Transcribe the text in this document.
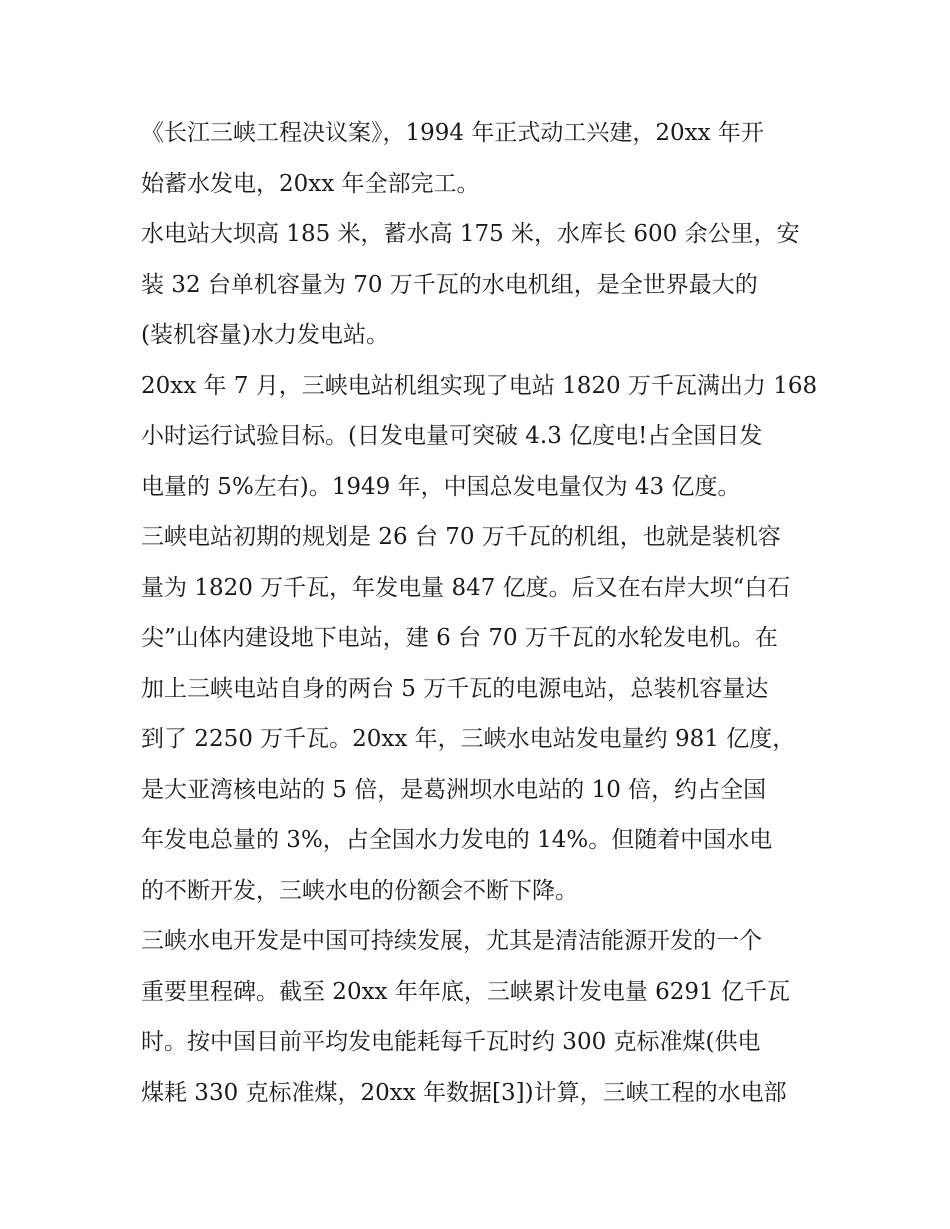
《长江三峡工程决议案》，1994 年正式动工兴建，20xx 年开
始蓄水发电，20xx 年全部完工。
水电站大坝高 185 米，蓄水高 175 米，水库长 600 余公里，安
装 32 台单机容量为 70 万千瓦的水电机组，是全世界最大的
(装机容量)水力发电站。
20xx 年 7 月，三峡电站机组实现了电站 1820 万千瓦满出力 168
小时运行试验目标。(日发电量可突破 4.3 亿度电!占全国日发
电量的 5%左右)。1949 年，中国总发电量仅为 43 亿度。
三峡电站初期的规划是 26 台 70 万千瓦的机组，也就是装机容
量为 1820 万千瓦，年发电量 847 亿度。后又在右岸大坝“白石
尖”山体内建设地下电站，建 6 台 70 万千瓦的水轮发电机。在
加上三峡电站自身的两台 5 万千瓦的电源电站，总装机容量达
到了 2250 万千瓦。20xx 年，三峡水电站发电量约 981 亿度，
是大亚湾核电站的 5 倍，是葛洲坝水电站的 10 倍，约占全国
年发电总量的 3%，占全国水力发电的 14%。但随着中国水电
的不断开发，三峡水电的份额会不断下降。
三峡水电开发是中国可持续发展，尤其是清洁能源开发的一个
重要里程碑。截至 20xx 年年底，三峡累计发电量 6291 亿千瓦
时。按中国目前平均发电能耗每千瓦时约 300 克标准煤(供电
煤耗 330 克标准煤，20xx 年数据[3])计算，三峡工程的水电部
